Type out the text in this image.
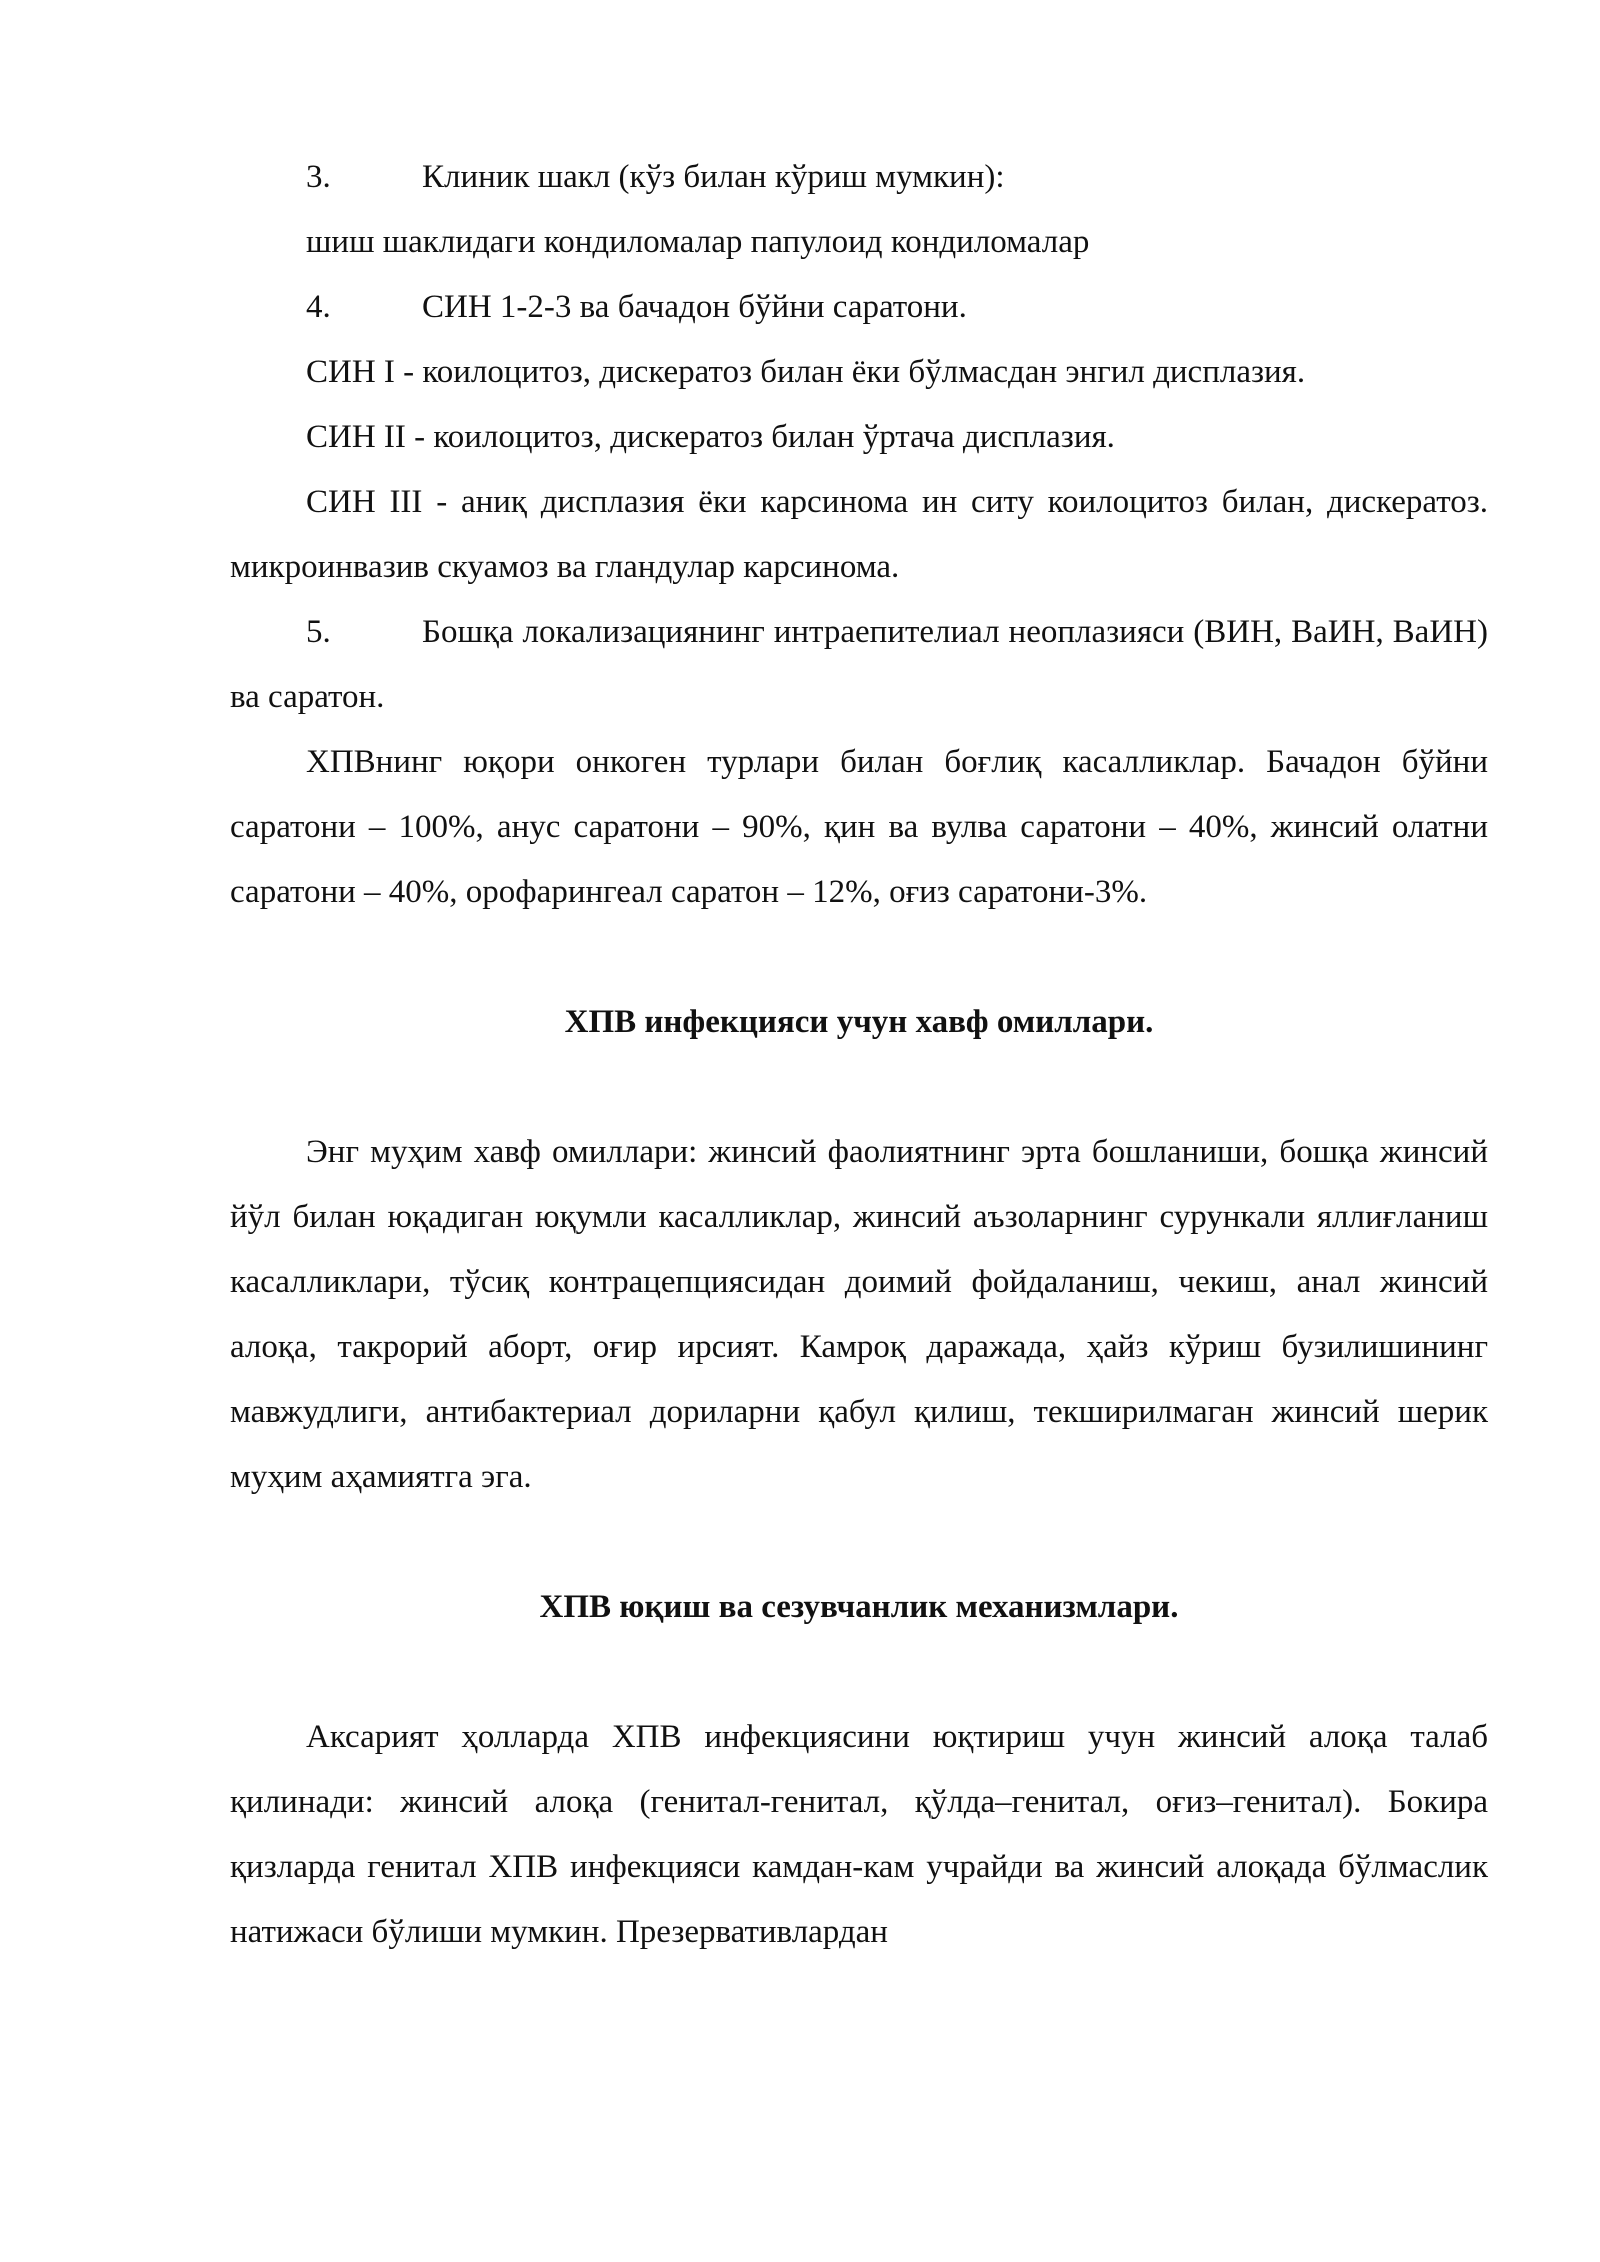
3.	Клиник шакл (кўз билан кўриш мумкин):

шиш шаклидаги кондиломалар папулоид кондиломалар

4.	СИН 1-2-3 ва бачадон бўйни саратони.

СИН I - коилоцитоз, дискератоз билан ёки бўлмасдан энгил дисплазия.

СИН II - коилоцитоз, дискератоз билан ўртача дисплазия.

СИН III - аниқ дисплазия ёки карсинома ин ситу коилоцитоз билан, дискератоз. микроинвазив скуамоз ва гландулар карсинома.

5.	Бошқа локализациянинг интраепителиал неоплазияси (ВИН, ВаИН, ВаИН) ва саратон.

ХПВнинг юқори онкоген турлари билан боғлиқ касалликлар. Бачадон бўйни саратони – 100%, анус саратони – 90%, қин ва вулва саратони – 40%, жинсий олатни саратони – 40%, орофарингеал саратон – 12%, оғиз саратони-3%.

ХПВ инфекцияси учун хавф омиллари.

Энг муҳим хавф омиллари: жинсий фаолиятнинг эрта бошланиши, бошқа жинсий йўл билан юқадиган юқумли касалликлар, жинсий аъзоларнинг сурункали яллиғланиш касалликлари, тўсиқ контрацепциясидан доимий фойдаланиш, чекиш, анал жинсий алоқа, такрорий аборт, оғир ирсият. Камроқ даражада, ҳайз кўриш бузилишининг мавжудлиги, антибактериал дориларни қабул қилиш, текширилмаган жинсий шерик муҳим аҳамиятга эга.

ХПВ юқиш ва сезувчанлик механизмлари.

Аксарият ҳолларда ХПВ инфекциясини юқтириш учун жинсий алоқа талаб қилинади: жинсий алоқа (генитал-генитал, қўлда–генитал, оғиз–генитал). Бокира қизларда генитал ХПВ инфекцияси камдан-кам учрайди ва жинсий алоқада бўлмаслик натижаси бўлиши мумкин. Презервативлардан
